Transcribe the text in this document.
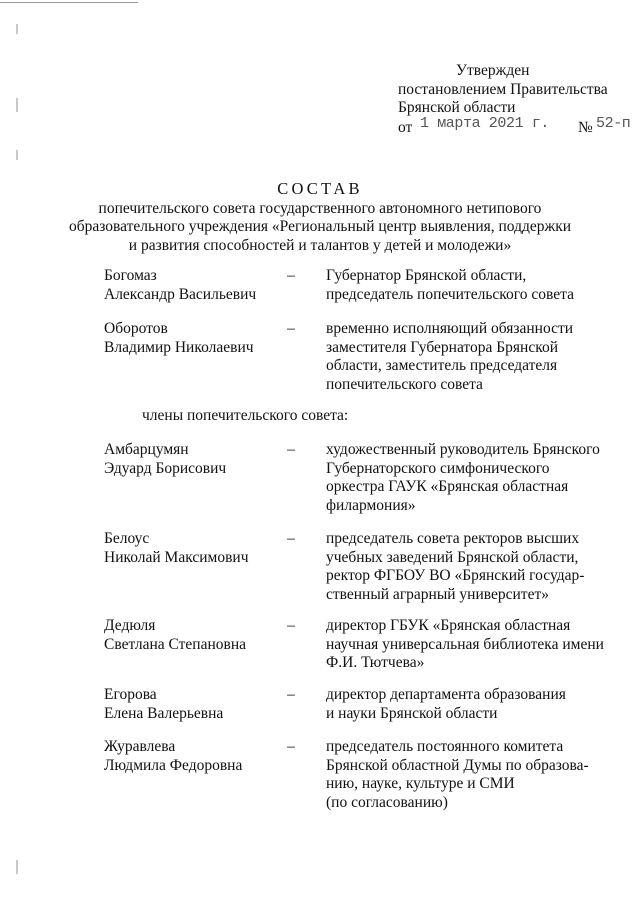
Утвержден
постановлением Правительства
Брянской области
от 1 марта 2021 г. № 52-п
СОСТАВ
попечительского совета государственного автономного нетипового
образовательного учреждения «Региональный центр выявления, поддержки
и развития способностей и талантов у детей и молодежи»
Богомаз
Александр Васильевич
– Губернатор Брянской области,
председатель попечительского совета
Оборотов
Владимир Николаевич
– временно исполняющий обязанности
заместителя Губернатора Брянской
области, заместитель председателя
попечительского совета
члены попечительского совета:
Амбарцумян
Эдуард Борисович
– художественный руководитель Брянского
Губернаторского симфонического
оркестра ГАУК «Брянская областная
филармония»
Белоус
Николай Максимович
– председатель совета ректоров высших
учебных заведений Брянской области,
ректор ФГБОУ ВО «Брянский государ-
ственный аграрный университет»
Дедюля
Светлана Степановна
– директор ГБУК «Брянская областная
научная универсальная библиотека имени
Ф.И. Тютчева»
Егорова
Елена Валерьевна
– директор департамента образования
и науки Брянской области
Журавлева
Людмила Федоровна
– председатель постоянного комитета
Брянской областной Думы по образова-
нию, науке, культуре и СМИ
(по согласованию)
